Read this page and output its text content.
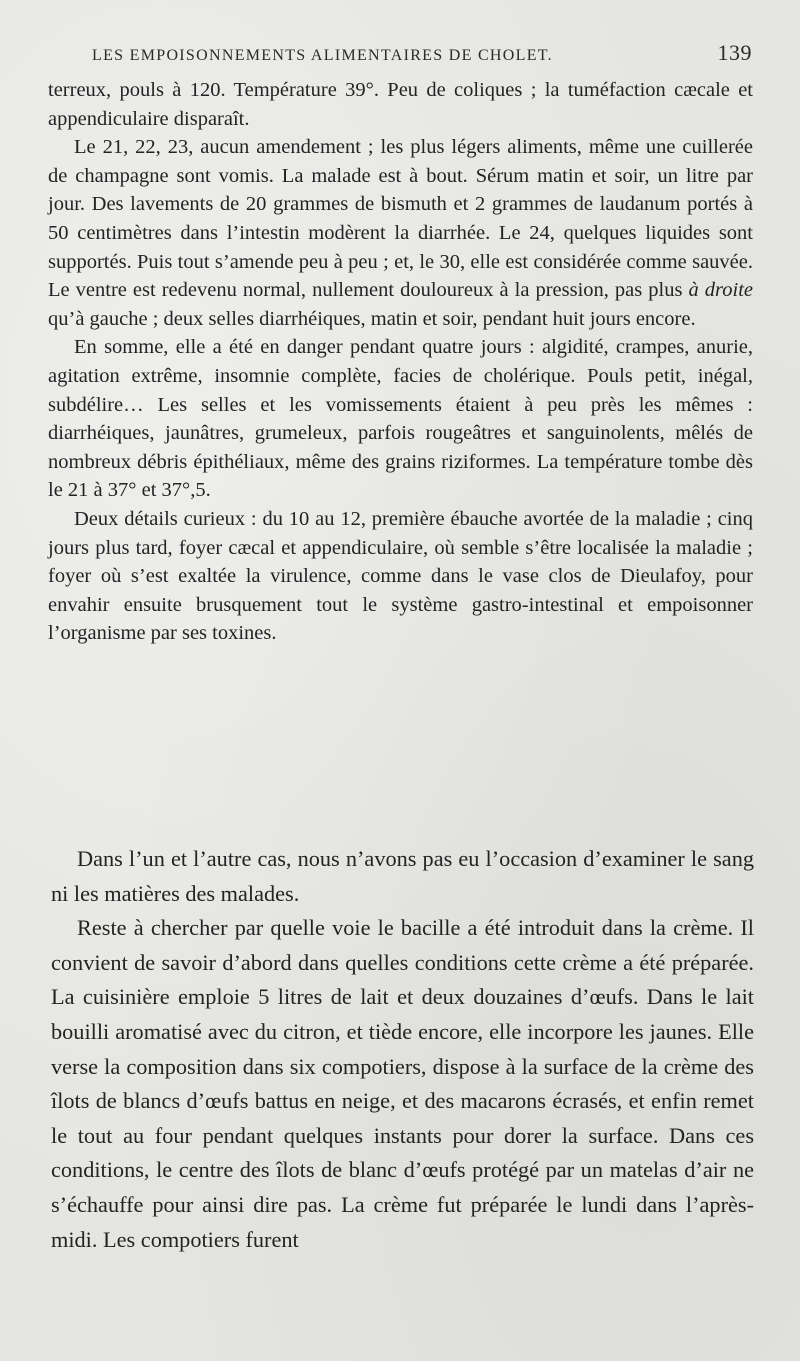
LES EMPOISONNEMENTS ALIMENTAIRES DE CHOLET.	139

terreux, pouls à 120. Température 39°. Peu de coliques ; la tuméfaction cæcale et appendiculaire disparaît.

Le 21, 22, 23, aucun amendement ; les plus légers aliments, même une cuillerée de champagne sont vomis. La malade est à bout. Sérum matin et soir, un litre par jour. Des lavements de 20 grammes de bismuth et 2 grammes de laudanum portés à 50 centimètres dans l’intestin modèrent la diarrhée. Le 24, quelques liquides sont supportés. Puis tout s’amende peu à peu ; et, le 30, elle est considérée comme sauvée. Le ventre est redevenu normal, nullement douloureux à la pression, pas plus à droite qu’à gauche ; deux selles diarrhéiques, matin et soir, pendant huit jours encore.

En somme, elle a été en danger pendant quatre jours : algidité, crampes, anurie, agitation extrême, insomnie complète, facies de cholérique. Pouls petit, inégal, subdélire… Les selles et les vomissements étaient à peu près les mêmes : diarrhéiques, jaunâtres, grumeleux, parfois rougeâtres et sanguinolents, mêlés de nombreux débris épithéliaux, même des grains riziformes. La température tombe dès le 21 à 37° et 37°,5.

Deux détails curieux : du 10 au 12, première ébauche avortée de la maladie ; cinq jours plus tard, foyer cæcal et appendiculaire, où semble s’être localisée la maladie ; foyer où s’est exaltée la virulence, comme dans le vase clos de Dieulafoy, pour envahir ensuite brusquement tout le système gastro-intestinal et empoisonner l’organisme par ses toxines.

Dans l’un et l’autre cas, nous n’avons pas eu l’occasion d’examiner le sang ni les matières des malades.

Reste à chercher par quelle voie le bacille a été introduit dans la crème. Il convient de savoir d’abord dans quelles conditions cette crème a été préparée. La cuisinière emploie 5 litres de lait et deux douzaines d’œufs. Dans le lait bouilli aromatisé avec du citron, et tiède encore, elle incorpore les jaunes. Elle verse la composition dans six compotiers, dispose à la surface de la crème des îlots de blancs d’œufs battus en neige, et des macarons écrasés, et enfin remet le tout au four pendant quelques instants pour dorer la surface. Dans ces conditions, le centre des îlots de blanc d’œufs protégé par un matelas d’air ne s’échauffe pour ainsi dire pas. La crème fut préparée le lundi dans l’après-midi. Les compotiers furent
